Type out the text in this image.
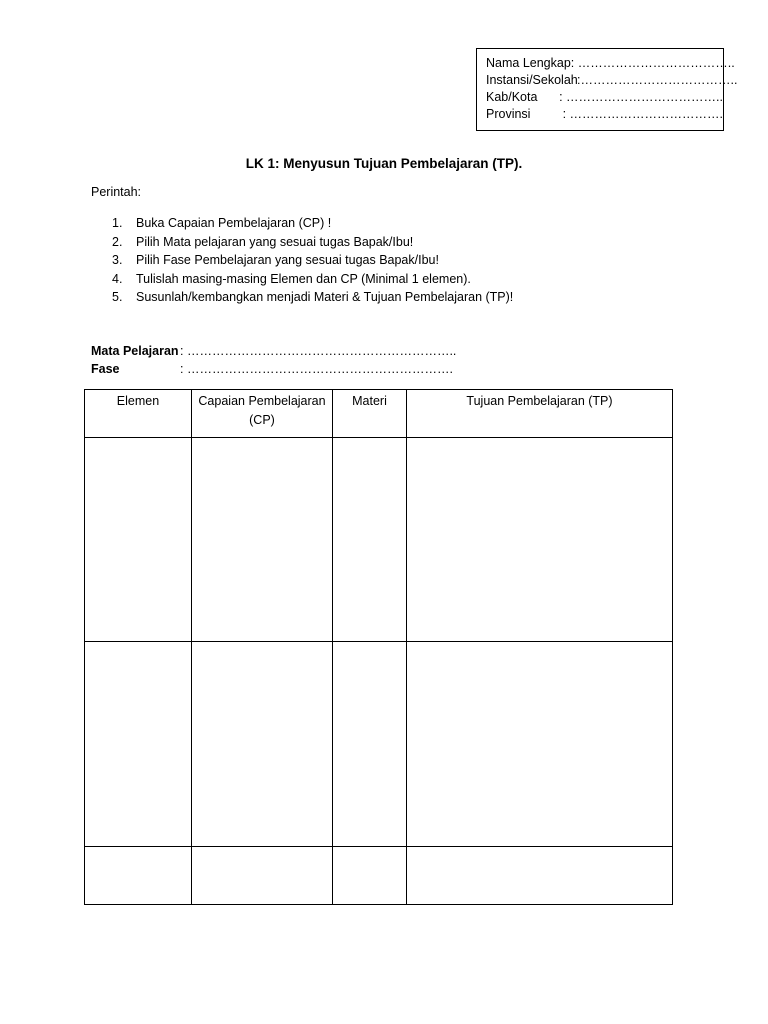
Nama Lengkap : ………………………………..
Instansi/Sekolah :………………………………..
Kab/Kota	: ………………………………..
Provinsi	: ……………………………….
LK 1: Menyusun Tujuan Pembelajaran (TP).
Perintah:
1.	Buka Capaian Pembelajaran (CP) !
2.	Pilih Mata pelajaran yang sesuai tugas Bapak/Ibu!
3.	Pilih Fase Pembelajaran yang sesuai tugas Bapak/Ibu!
4.	Tulislah masing-masing Elemen dan CP (Minimal 1 elemen).
5.	Susunlah/kembangkan menjadi Materi & Tujuan Pembelajaran (TP)!
Mata Pelajaran : ………………………………………………………..
Fase	: ……………………………………………………….
Elemen	Capaian Pembelajaran (CP)	Materi	Tujuan Pembelajaran (TP)
